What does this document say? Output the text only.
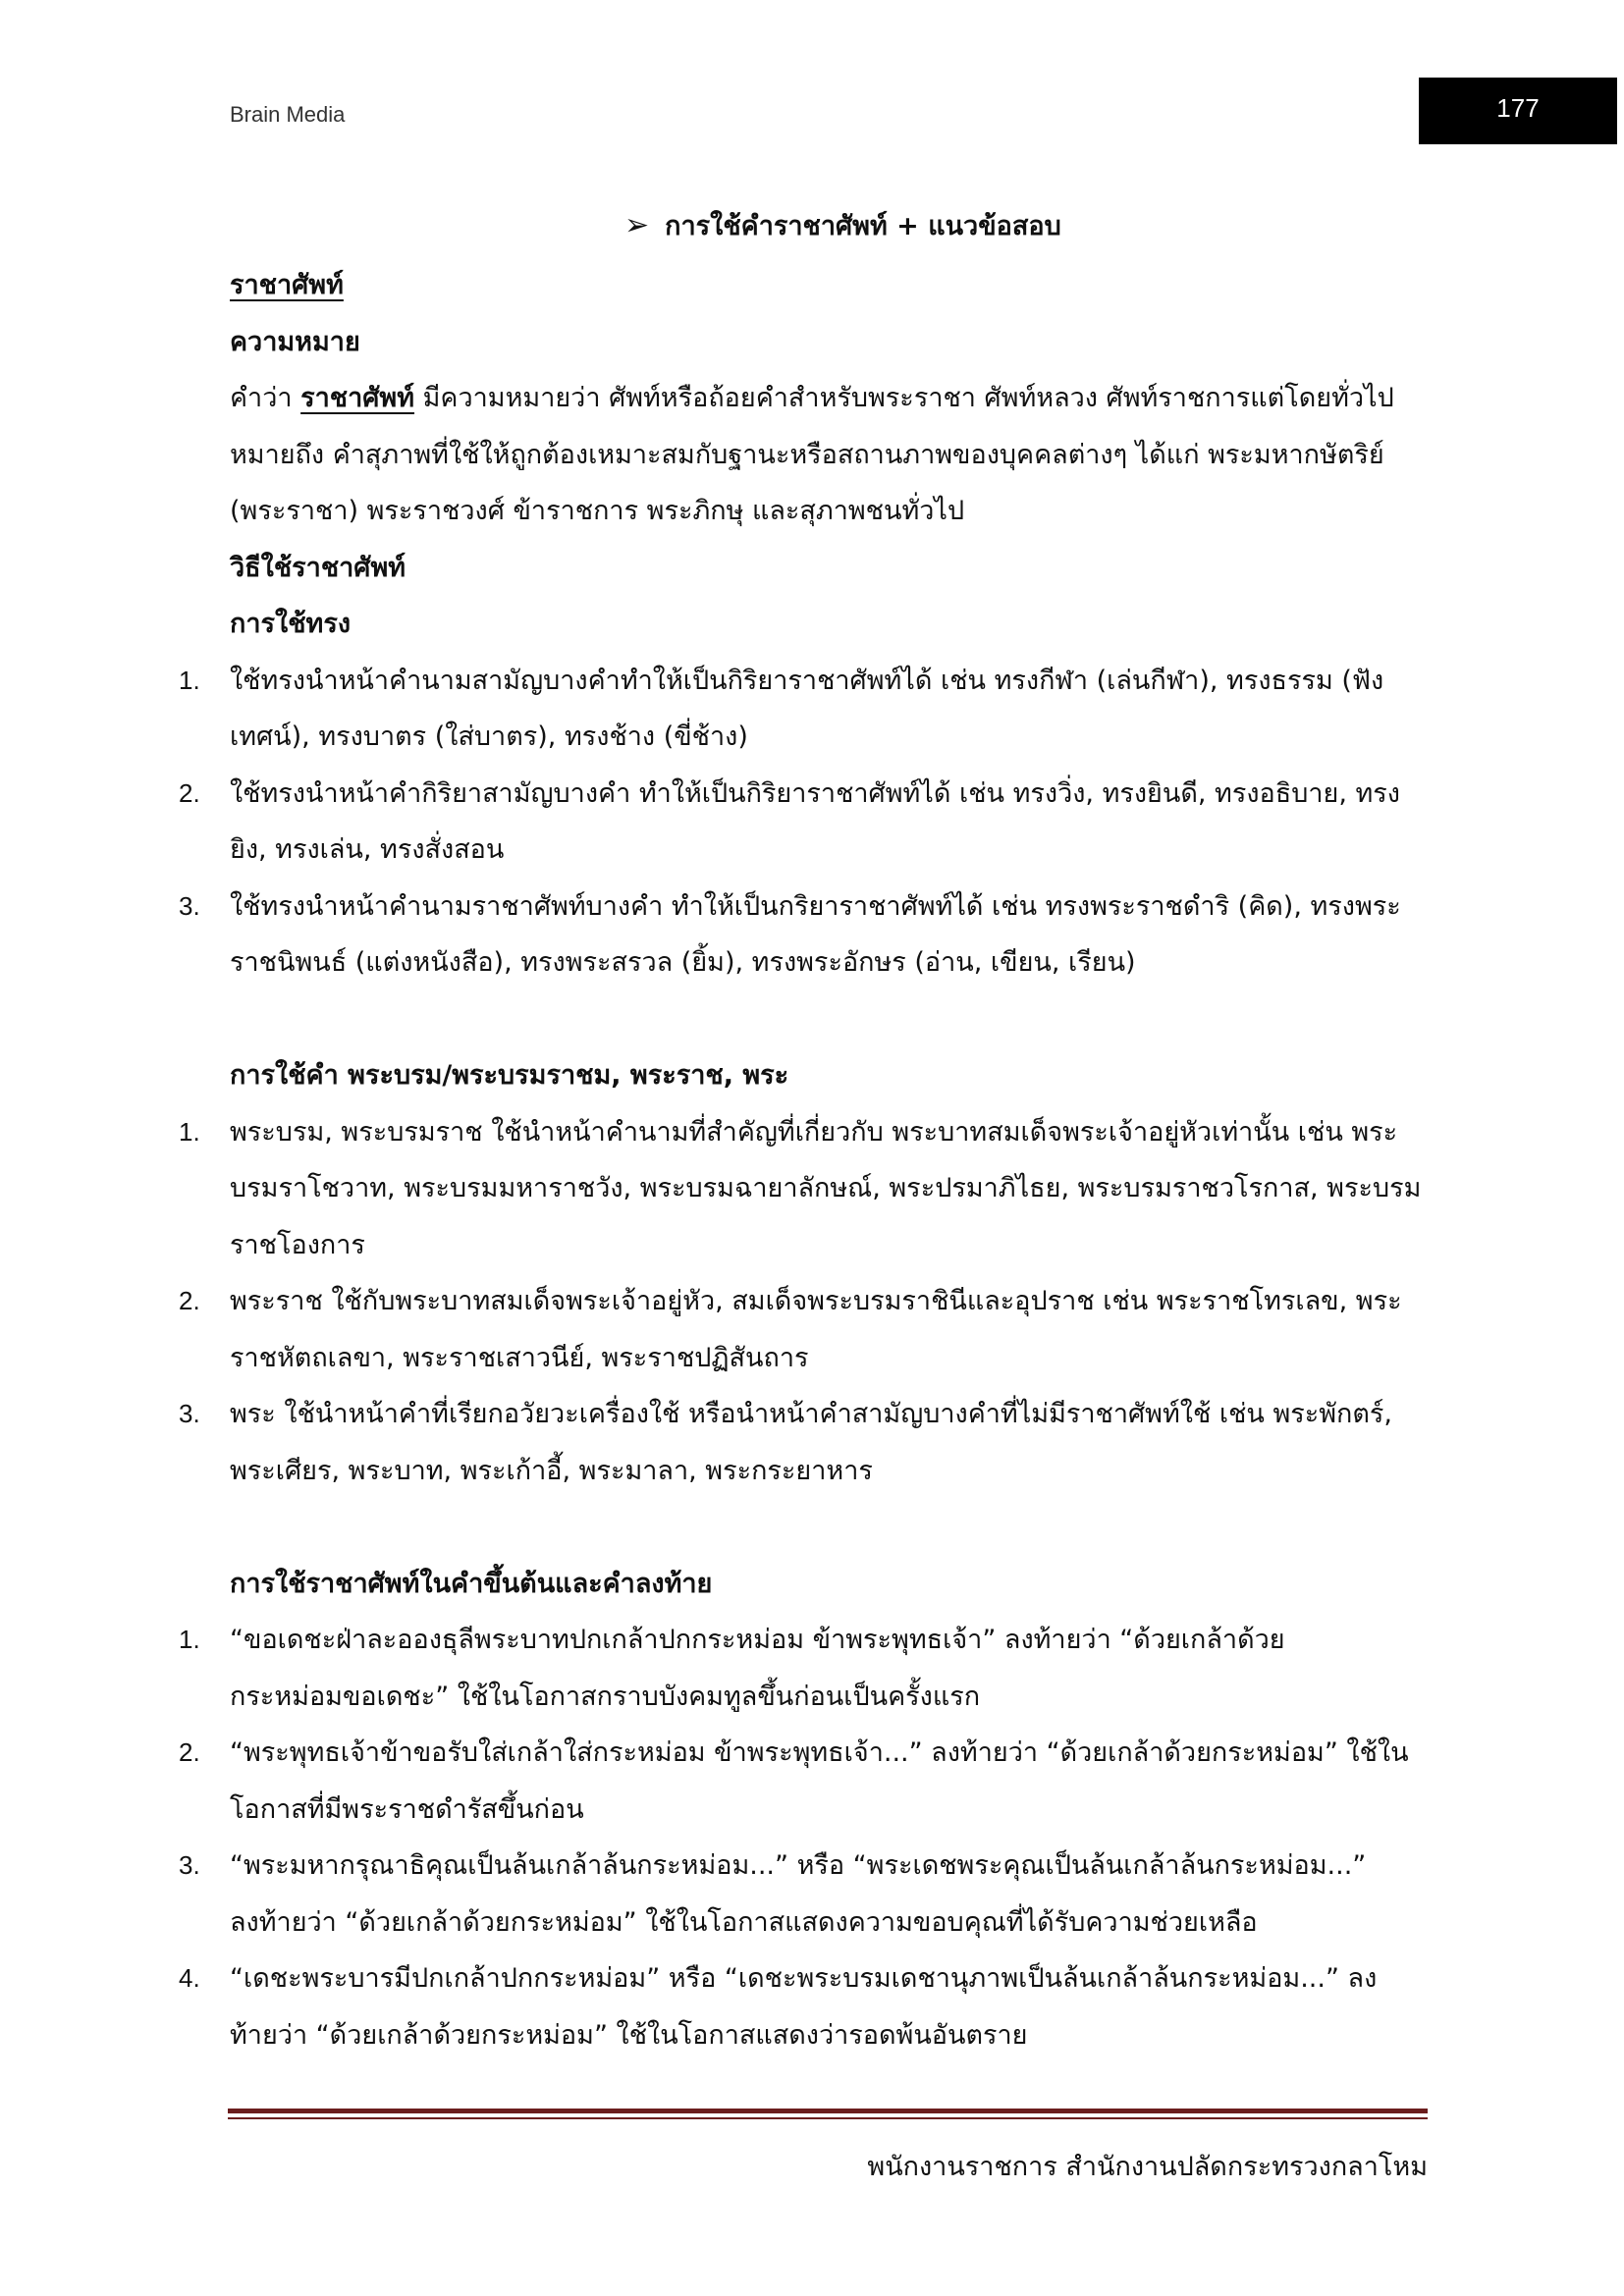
Brain Media	177
➢ การใช้คำราชาศัพท์ + แนวข้อสอบ
ราชาศัพท์
ความหมาย
คำว่า ราชาศัพท์ มีความหมายว่า ศัพท์หรือถ้อยคำสำหรับพระราชา ศัพท์หลวง ศัพท์ราชการแต่โดยทั่วไป
หมายถึง คำสุภาพที่ใช้ให้ถูกต้องเหมาะสมกับฐานะหรือสถานภาพของบุคคลต่างๆ ได้แก่ พระมหากษัตริย์
(พระราชา) พระราชวงศ์ ข้าราชการ พระภิกษุ และสุภาพชนทั่วไป
วิธีใช้ราชาศัพท์
การใช้ทรง
1. ใช้ทรงนำหน้าคำนามสามัญบางคำทำให้เป็นกิริยาราชาศัพท์ได้ เช่น ทรงกีฬา (เล่นกีฬา), ทรงธรรม (ฟัง
เทศน์), ทรงบาตร (ใส่บาตร), ทรงช้าง (ขี่ช้าง)
2. ใช้ทรงนำหน้าคำกิริยาสามัญบางคำ ทำให้เป็นกิริยาราชาศัพท์ได้ เช่น ทรงวิ่ง, ทรงยินดี, ทรงอธิบาย, ทรง
ยิง, ทรงเล่น, ทรงสั่งสอน
3. ใช้ทรงนำหน้าคำนามราชาศัพท์บางคำ ทำให้เป็นกริยาราชาศัพท์ได้ เช่น ทรงพระราชดำริ (คิด), ทรงพระ
ราชนิพนธ์ (แต่งหนังสือ), ทรงพระสรวล (ยิ้ม), ทรงพระอักษร (อ่าน, เขียน, เรียน)
การใช้คำ พระบรม/พระบรมราชม, พระราช, พระ
1. พระบรม, พระบรมราช ใช้นำหน้าคำนามที่สำคัญที่เกี่ยวกับ พระบาทสมเด็จพระเจ้าอยู่หัวเท่านั้น เช่น พระ
บรมราโชวาท, พระบรมมหาราชวัง, พระบรมฉายาลักษณ์, พระปรมาภิไธย, พระบรมราชวโรกาส, พระบรม
ราชโองการ
2. พระราช ใช้กับพระบาทสมเด็จพระเจ้าอยู่หัว, สมเด็จพระบรมราชินีและอุปราช เช่น พระราชโทรเลข, พระ
ราชหัตถเลขา, พระราชเสาวนีย์, พระราชปฏิสันถาร
3. พระ ใช้นำหน้าคำที่เรียกอวัยวะเครื่องใช้ หรือนำหน้าคำสามัญบางคำที่ไม่มีราชาศัพท์ใช้ เช่น พระพักตร์,
พระเศียร, พระบาท, พระเก้าอี้, พระมาลา, พระกระยาหาร
การใช้ราชาศัพท์ในคำขึ้นต้นและคำลงท้าย
1. “ขอเดชะฝ่าละอองธุลีพระบาทปกเกล้าปกกระหม่อม ข้าพระพุทธเจ้า” ลงท้ายว่า “ด้วยเกล้าด้วย
กระหม่อมขอเดชะ” ใช้ในโอกาสกราบบังคมทูลขึ้นก่อนเป็นครั้งแรก
2. “พระพุทธเจ้าข้าขอรับใส่เกล้าใส่กระหม่อม ข้าพระพุทธเจ้า...” ลงท้ายว่า “ด้วยเกล้าด้วยกระหม่อม” ใช้ใน
โอกาสที่มีพระราชดำรัสขึ้นก่อน
3. “พระมหากรุณาธิคุณเป็นล้นเกล้าล้นกระหม่อม...” หรือ “พระเดชพระคุณเป็นล้นเกล้าล้นกระหม่อม...”
ลงท้ายว่า “ด้วยเกล้าด้วยกระหม่อม” ใช้ในโอกาสแสดงความขอบคุณที่ได้รับความช่วยเหลือ
4. “เดชะพระบารมีปกเกล้าปกกระหม่อม” หรือ “เดชะพระบรมเดชานุภาพเป็นล้นเกล้าล้นกระหม่อม...” ลง
ท้ายว่า “ด้วยเกล้าด้วยกระหม่อม” ใช้ในโอกาสแสดงว่ารอดพ้นอันตราย
พนักงานราชการ สำนักงานปลัดกระทรวงกลาโหม
